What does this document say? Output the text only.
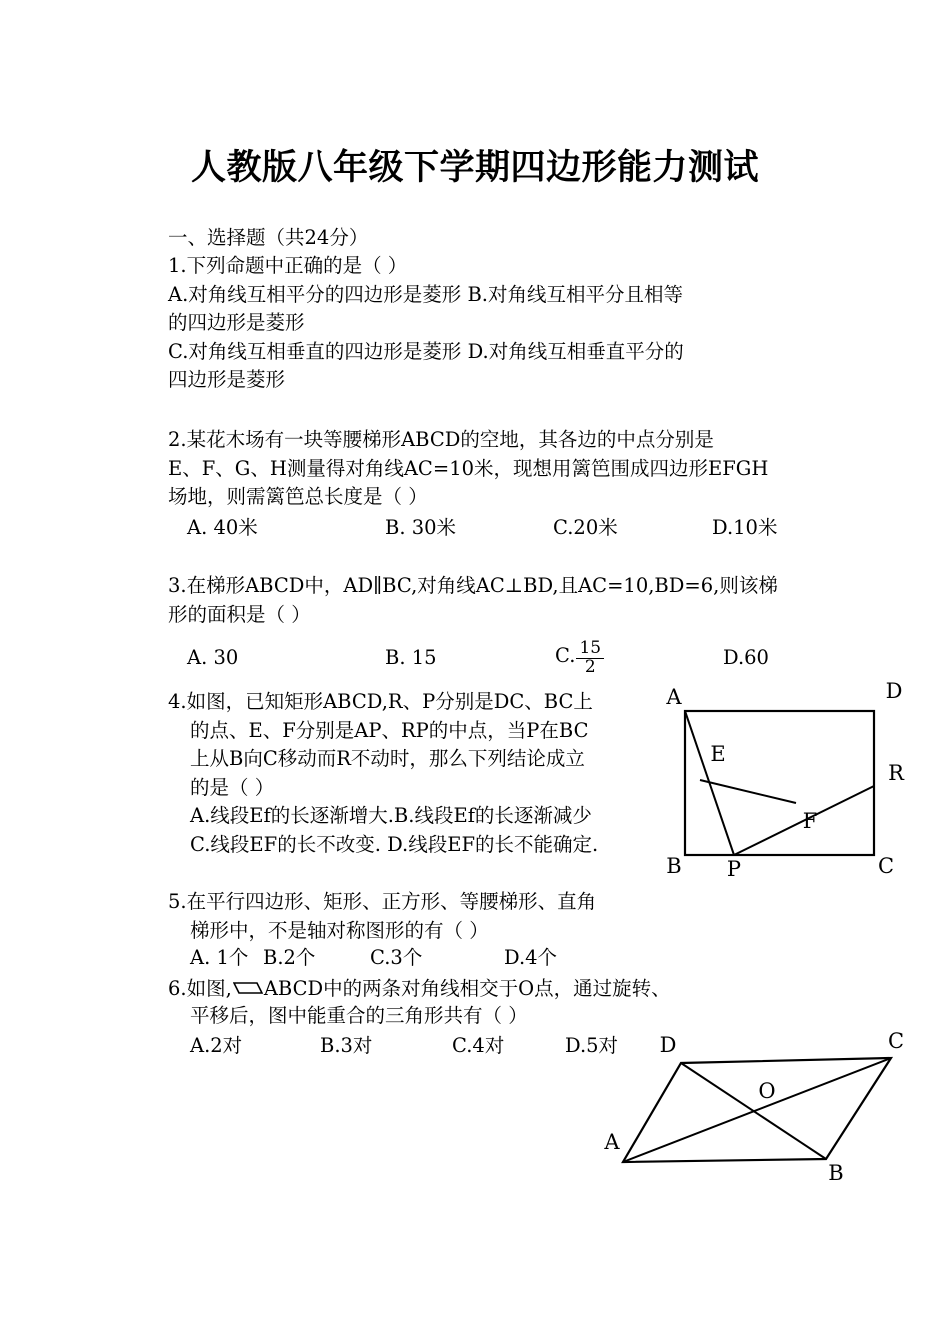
人教版八年级下学期四边形能力测试
一、选择题（共24分）
1.下列命题中正确的是（ ）
A.对角线互相平分的四边形是菱形 B.对角线互相平分且相等
的四边形是菱形
C.对角线互相垂直的四边形是菱形 D.对角线互相垂直平分的
四边形是菱形
2.某花木场有一块等腰梯形ABCD的空地，其各边的中点分别是
E、F、G、H测量得对角线AC=10米，现想用篱笆围成四边形EFGH
场地，则需篱笆总长度是（ ）
A. 40米	B. 30米	C.20米	D.10米
3.在梯形ABCD中，AD∥BC,对角线AC⊥BD,且AC=10,BD=6,则该梯
形的面积是（ ）
A. 30	B. 15	C. $\frac{15}{2}$	D.60
4.如图，已知矩形ABCD,R、P分别是DC、BC上
的点、E、F分别是AP、RP的中点，当P在BC
上从B向C移动而R不动时，那么下列结论成立
的是（ ）
A.线段Ef的长逐渐增大.B.线段Ef的长逐渐减少
C.线段EF的长不改变. D.线段EF的长不能确定.
A	D
B	C
P
R
E
F
5.在平行四边形、矩形、正方形、等腰梯形、直角
梯形中，不是轴对称图形的有（ ）
A. 1个 B.2个	C.3个	D.4个
6.如图, ABCD中的两条对角线相交于O点，通过旋转、
平移后，图中能重合的三角形共有（ ）
A.2对	B.3对	C.4对	D.5对
A
B
C
D
O
